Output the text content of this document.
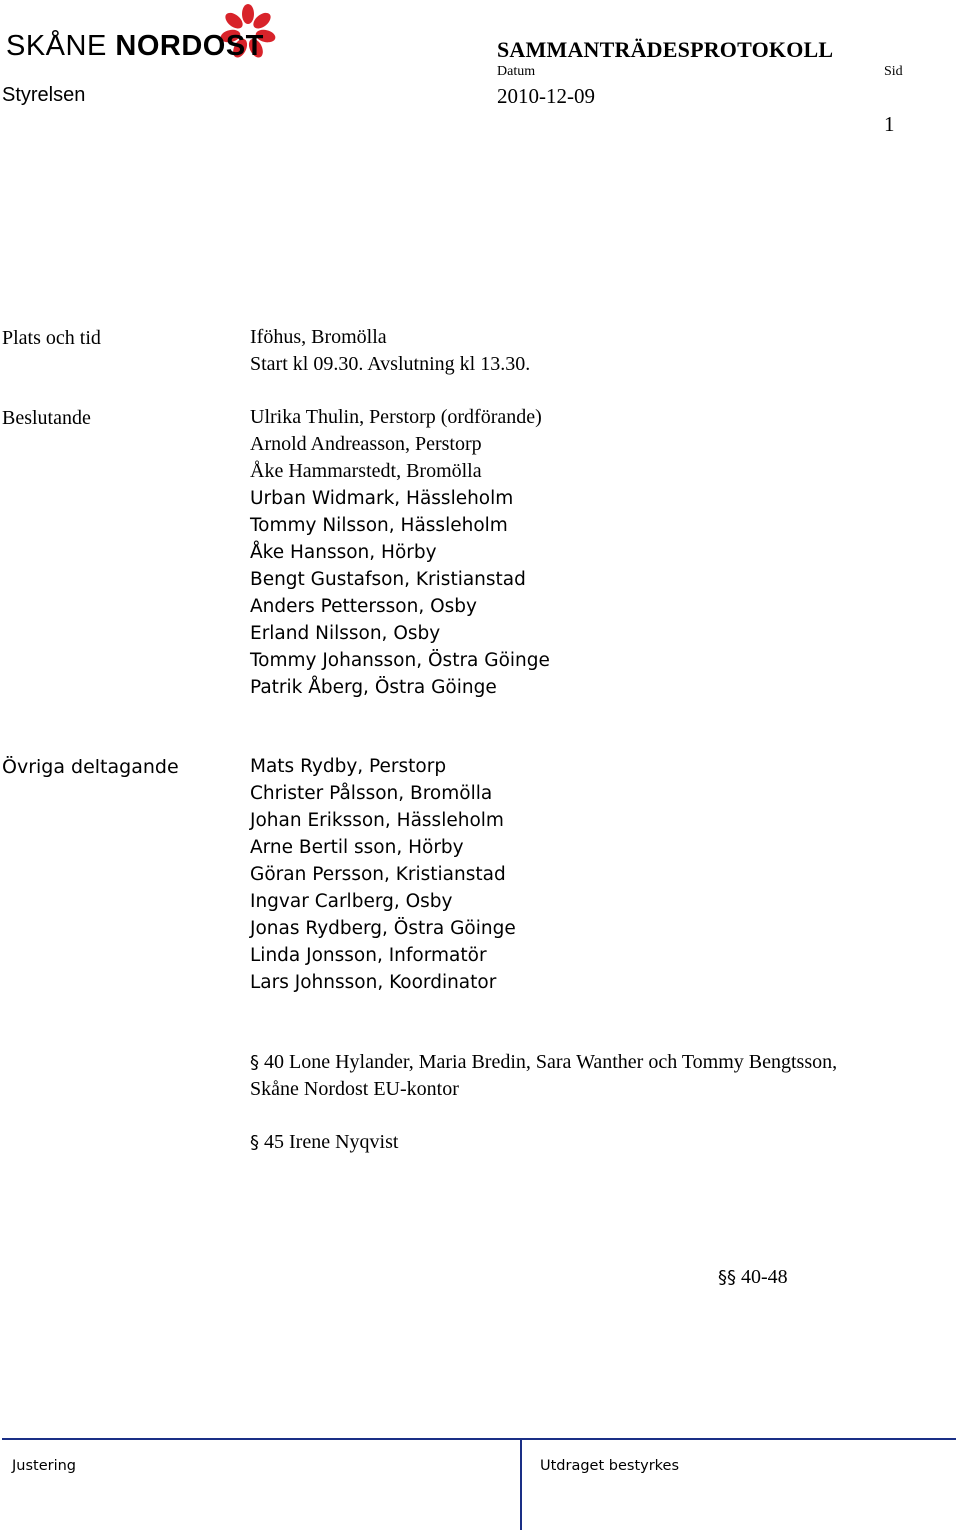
SKÅNE NORDOST	SAMMANTRÄDESPROTOKOLL
Datum	Sid
Styrelsen	2010-12-09
1
Plats och tid	Iföhus, Bromölla
Start kl 09.30. Avslutning kl 13.30.
Beslutande	Ulrika Thulin, Perstorp (ordförande)
Arnold Andreasson, Perstorp
Åke Hammarstedt, Bromölla
Urban Widmark, Hässleholm
Tommy Nilsson, Hässleholm
Åke Hansson, Hörby
Bengt Gustafson, Kristianstad
Anders Pettersson, Osby
Erland Nilsson, Osby
Tommy Johansson, Östra Göinge
Patrik Åberg, Östra Göinge
Övriga deltagande	Mats Rydby, Perstorp
Christer Pålsson, Bromölla
Johan Eriksson, Hässleholm
Arne Bertil sson, Hörby
Göran Persson, Kristianstad
Ingvar Carlberg, Osby
Jonas Rydberg, Östra Göinge
Linda Jonsson, Informatör
Lars Johnsson, Koordinator
§ 40 Lone Hylander, Maria Bredin, Sara Wanther och Tommy Bengtsson,
Skåne Nordost EU-kontor
§ 45 Irene Nyqvist
§§ 40-48
Justering	Utdraget bestyrkes
